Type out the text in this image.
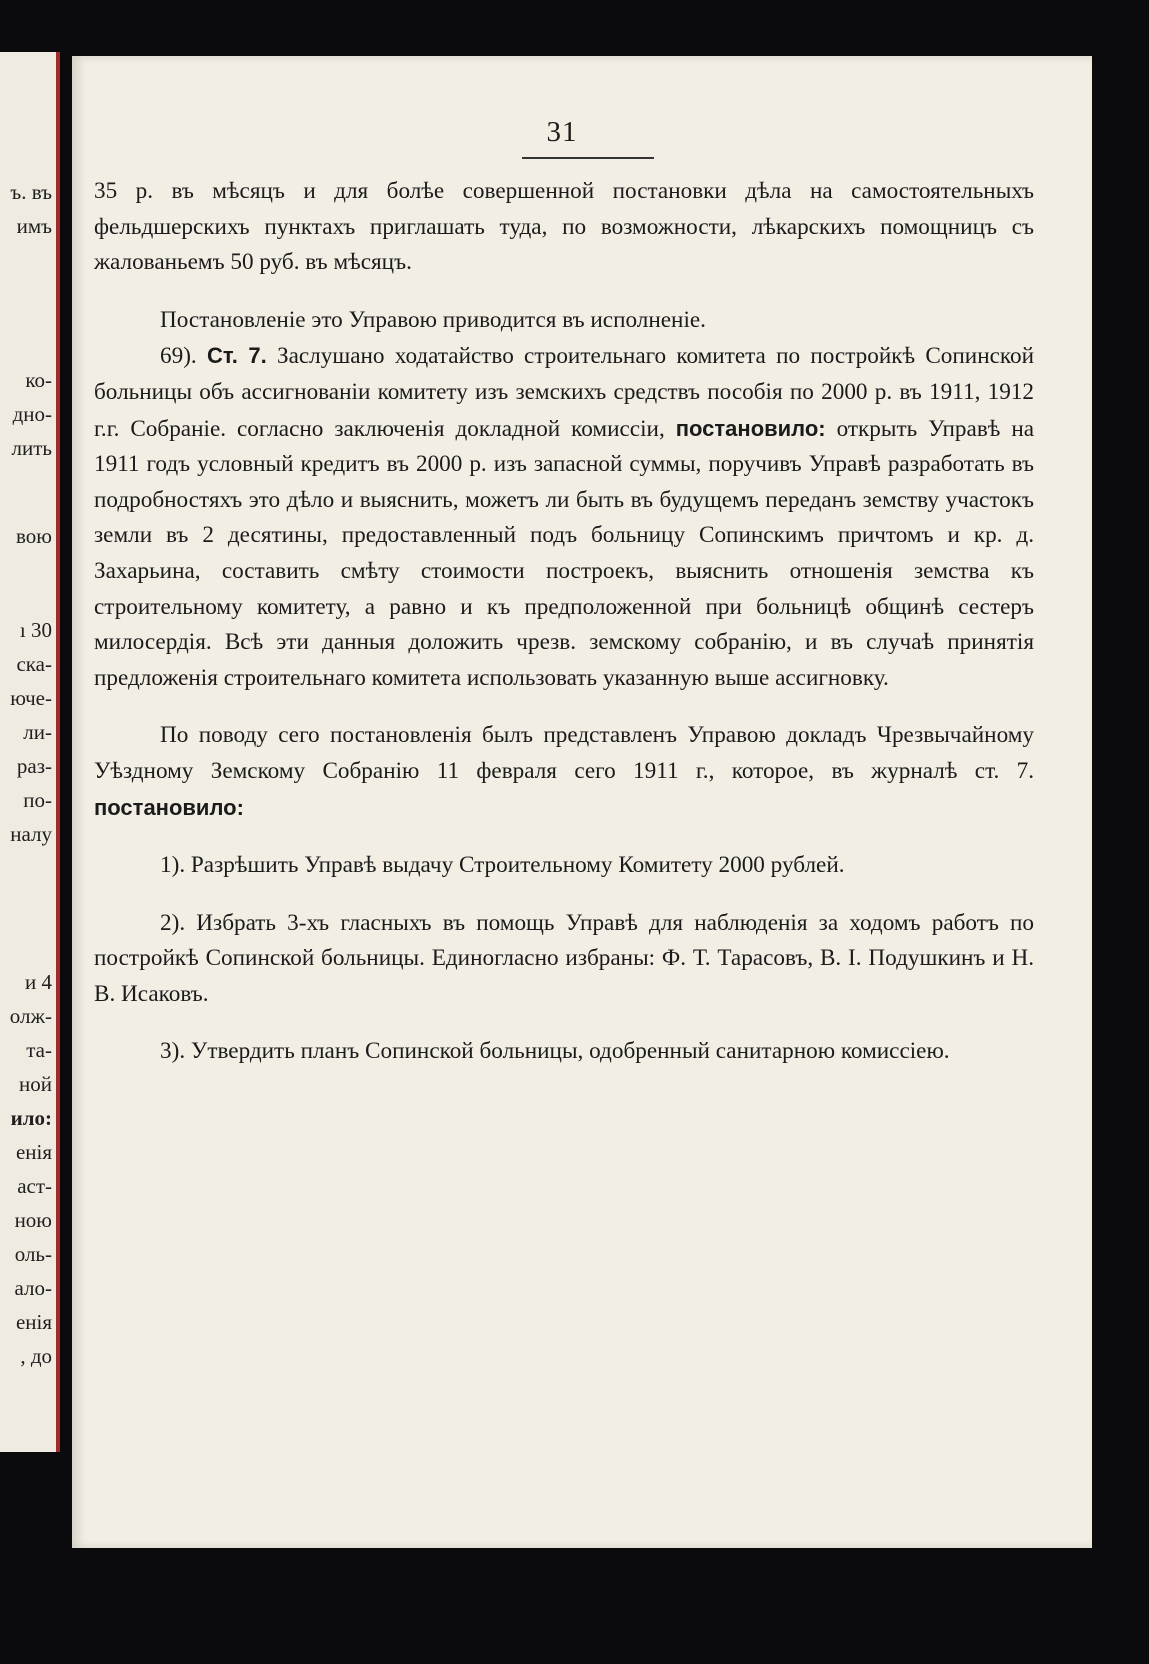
ъ. въ
имъ
ко-
дно-
лить
вою
ı 30
ска-
юче-
ли-
раз-
по-
налу
и 4
олж-
та-
ной
ило:
енія
аст-
ною
оль-
ало-
енія
, до
31

35 р. въ мѣсяцъ и для болѣе совершенной постановки дѣла на самостоятельныхъ фельдшерскихъ пунктахъ приглашать туда, по возможности, лѣкарскихъ помощницъ съ жалованьемъ 50 руб. въ мѣсяцъ.

Постановленіе это Управою приводится въ исполненіе.

69). Ст. 7. Заслушано ходатайство строительнаго комитета по постройкѣ Сопинской больницы объ ассигнованіи комитету изъ земскихъ средствъ пособія по 2000 р. въ 1911, 1912 г.г. Собраніе. согласно заключенія докладной комиссіи, постановило: открыть Управѣ на 1911 годъ условный кредитъ въ 2000 р. изъ запасной суммы, поручивъ Управѣ разработать въ подробностяхъ это дѣло и выяснить, можетъ ли быть въ будущемъ переданъ земству участокъ земли въ 2 десятины, предоставленный подъ больницу Сопинскимъ причтомъ и кр. д. Захарьина, составить смѣту стоимости построекъ, выяснить отношенія земства къ строительному комитету, а равно и къ предположенной при больницѣ общинѣ сестеръ милосердія. Всѣ эти данныя доложить чрезв. земскому собранію, и въ случаѣ принятія предложенія строительнаго комитета использовать указанную выше ассигновку.

По поводу сего постановленія былъ представленъ Управою докладъ Чрезвычайному Уѣздному Земскому Собранію 11 февраля сего 1911 г., которое, въ журналѣ ст. 7. постановило:

1). Разрѣшить Управѣ выдачу Строительному Комитету 2000 рублей.

2). Избрать 3-хъ гласныхъ въ помощь Управѣ для наблюденія за ходомъ работъ по постройкѣ Сопинской больницы. Единогласно избраны: Ф. Т. Тарасовъ, В. І. Подушкинъ и Н. В. Исаковъ.

3). Утвердить планъ Сопинской больницы, одобренный санитарною комиссіею.
